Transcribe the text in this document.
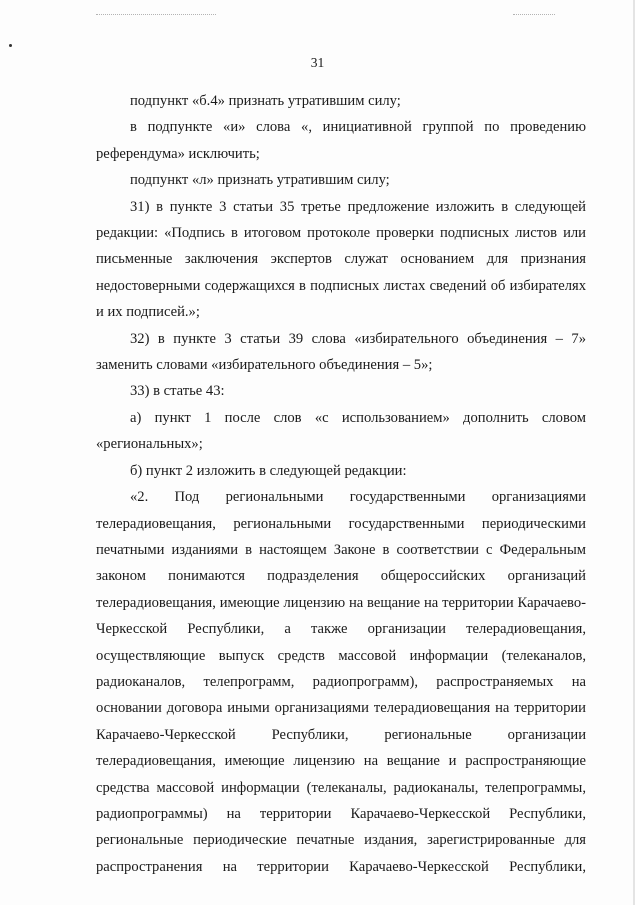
31

подпункт «б.4» признать утратившим силу;

в подпункте «и» слова «, инициативной группой по проведению референдума» исключить;

подпункт «л» признать утратившим силу;

31) в пункте 3 статьи 35 третье предложение изложить в следующей редакции: «Подпись в итоговом протоколе проверки подписных листов или письменные заключения экспертов служат основанием для признания недостоверными содержащихся в подписных листах сведений об избирателях и их подписей.»;

32) в пункте 3 статьи 39 слова «избирательного объединения – 7» заменить словами «избирательного объединения – 5»;

33) в статье 43:

а) пункт 1 после слов «с использованием» дополнить словом «региональных»;

б) пункт 2 изложить в следующей редакции:

«2. Под региональными государственными организациями телерадиовещания, региональными государственными периодическими печатными изданиями в настоящем Законе в соответствии с Федеральным законом понимаются подразделения общероссийских организаций телерадиовещания, имеющие лицензию на вещание на территории Карачаево-Черкесской Республики, а также организации телерадиовещания, осуществляющие выпуск средств массовой информации (телеканалов, радиоканалов, телепрограмм, радиопрограмм), распространяемых на основании договора иными организациями телерадиовещания на территории Карачаево-Черкесской Республики, региональные организации телерадиовещания, имеющие лицензию на вещание и распространяющие средства массовой информации (телеканалы, радиоканалы, телепрограммы, радиопрограммы) на территории Карачаево-Черкесской Республики, региональные периодические печатные издания, зарегистрированные для распространения на территории Карачаево-Черкесской Республики,
